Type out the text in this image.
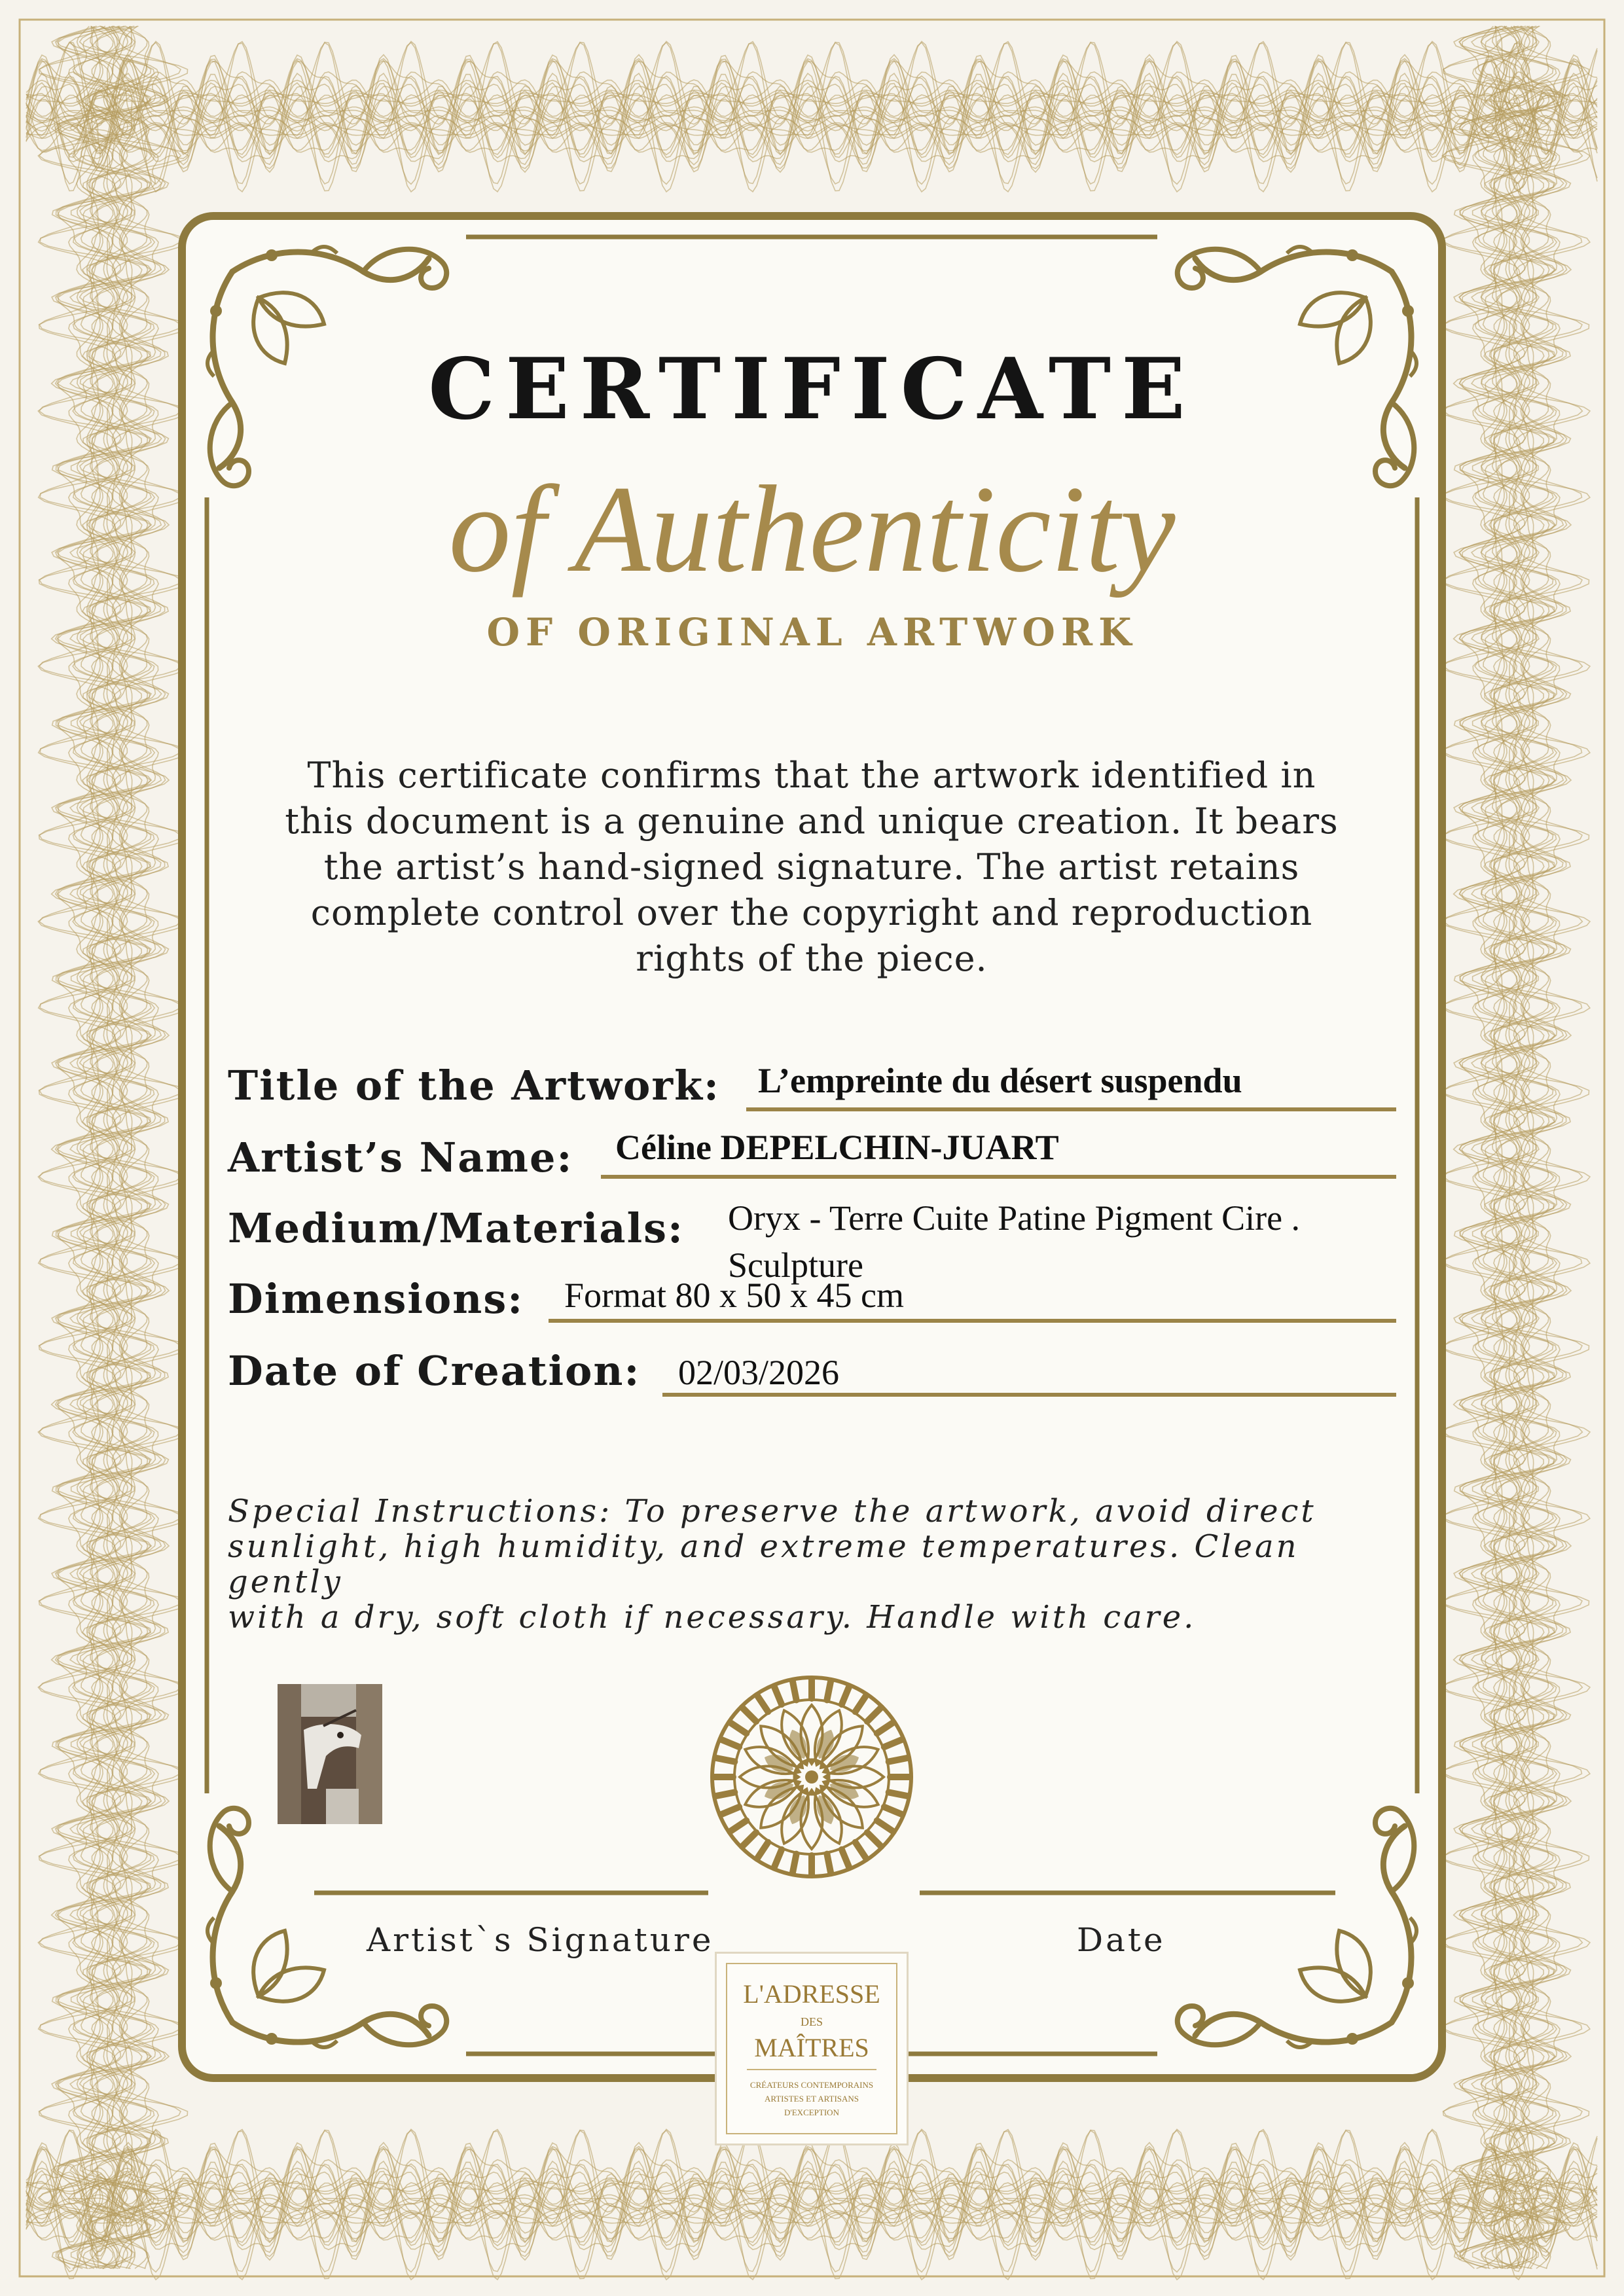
CERTIFICATE
of Authenticity
OF ORIGINAL ARTWORK
This certificate confirms that the artwork identified in
this document is a genuine and unique creation. It bears
the artist’s hand-signed signature. The artist retains
complete control over the copyright and reproduction
rights of the piece.
Title of the Artwork: L’empreinte du désert suspendu
Artist’s Name: Céline DEPELCHIN-JUART
Medium/Materials: Oryx - Terre Cuite Patine Pigment Cire .
Sculpture
Dimensions: Format 80 x 50 x 45 cm
Date of Creation: 02/03/2026
Special Instructions: To preserve the artwork, avoid direct
sunlight, high humidity, and extreme temperatures. Clean gently
with a dry, soft cloth if necessary. Handle with care.
Artist`s Signature	Date
L'ADRESSE
DES
MAÎTRES
CRÉATEURS CONTEMPORAINS
ARTISTES ET ARTISANS
D'EXCEPTION
